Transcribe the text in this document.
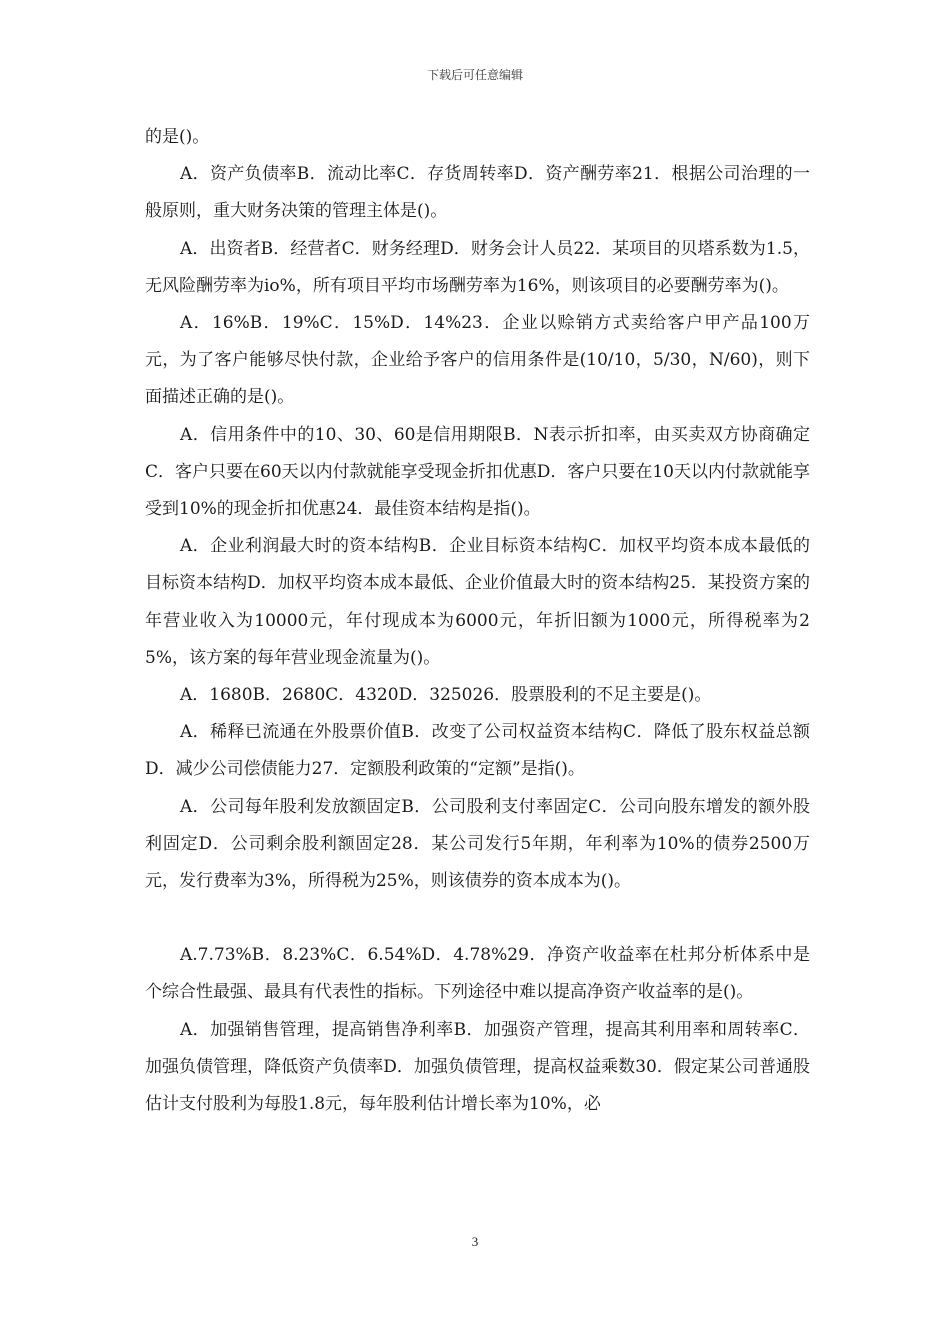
下载后可任意编辑

的是()。

A．资产负债率B．流动比率C．存货周转率D．资产酬劳率21．根据公司治理的一般原则，重大财务决策的管理主体是()。

A．出资者B．经营者C．财务经理D．财务会计人员22．某项目的贝塔系数为1.5，无风险酬劳率为io%，所有项目平均市场酬劳率为16%，则该项目的必要酬劳率为()。

A．16%B．19%C．15%D．14%23．企业以赊销方式卖给客户甲产品100万元，为了客户能够尽快付款，企业给予客户的信用条件是(10/10，5/30，N/60)，则下面描述正确的是()。

A．信用条件中的10、30、60是信用期限B．N表示折扣率，由买卖双方协商确定C．客户只要在60天以内付款就能享受现金折扣优惠D．客户只要在10天以内付款就能享受到10%的现金折扣优惠24．最佳资本结构是指()。

A．企业利润最大时的资本结构B．企业目标资本结构C．加权平均资本成本最低的目标资本结构D．加权平均资本成本最低、企业价值最大时的资本结构25．某投资方案的年营业收入为10000元，年付现成本为6000元，年折旧额为1000元，所得税率为25%，该方案的每年营业现金流量为()。

A．1680B．2680C．4320D．325026．股票股利的不足主要是()。

A．稀释已流通在外股票价值B．改变了公司权益资本结构C．降低了股东权益总额D．减少公司偿债能力27．定额股利政策的“定额”是指()。

A．公司每年股利发放额固定B．公司股利支付率固定C．公司向股东增发的额外股利固定D．公司剩余股利额固定28．某公司发行5年期，年利率为10%的债券2500万元，发行费率为3%，所得税为25%，则该债券的资本成本为()。

A.7.73%B．8.23%C．6.54%D．4.78%29．净资产收益率在杜邦分析体系中是个综合性最强、最具有代表性的指标。下列途径中难以提高净资产收益率的是()。

A．加强销售管理，提高销售净利率B．加强资产管理，提高其利用率和周转率C．加强负债管理，降低资产负债率D．加强负债管理，提高权益乘数30．假定某公司普通股估计支付股利为每股1.8元，每年股利估计增长率为10%，必

3
